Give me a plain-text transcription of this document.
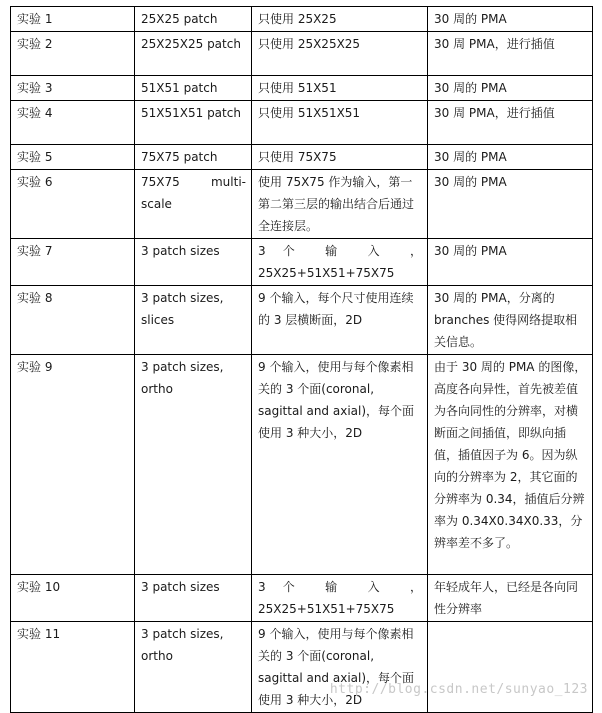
实验 1	25X25 patch	只使用 25X25	30 周的 PMA
实验 2	25X25X25 patch	只使用 25X25X25	30 周 PMA，进行插值
实验 3	51X51 patch	只使用 51X51	30 周的 PMA
实验 4	51X51X51 patch	只使用 51X51X51	30 周 PMA，进行插值
实验 5	75X75 patch	只使用 75X75	30 周的 PMA
实验 6	75X75 multi-scale	使用 75X75 作为输入，第一第二第三层的输出结合后通过全连接层。	30 周的 PMA
实验 7	3 patch sizes	3 个 输 入 ，25X25+51X51+75X75	30 周的 PMA
实验 8	3 patch sizes, slices	9 个输入，每个尺寸使用连续的 3 层横断面，2D	30 周的 PMA，分离的 branches 使得网络提取相关信息。
实验 9	3 patch sizes, ortho	9 个输入，使用与每个像素相关的 3 个面(coronal, sagittal and axial)，每个面使用 3 种大小，2D	由于 30 周的 PMA 的图像，高度各向异性，首先被差值为各向同性的分辨率，对横断面之间插值，即纵向插值，插值因子为 6。因为纵向的分辨率为 2，其它面的分辨率为 0.34，插值后分辨率为 0.34X0.34X0.33，分辨率差不多了。
实验 10	3 patch sizes	3 个 输 入 ，25X25+51X51+75X75	年轻成年人，已经是各向同性分辨率
实验 11	3 patch sizes, ortho	9 个输入，使用与每个像素相关的 3 个面(coronal, sagittal and axial)，每个面使用 3 种大小，2D	
http://blog.csdn.net/sunyao_123
